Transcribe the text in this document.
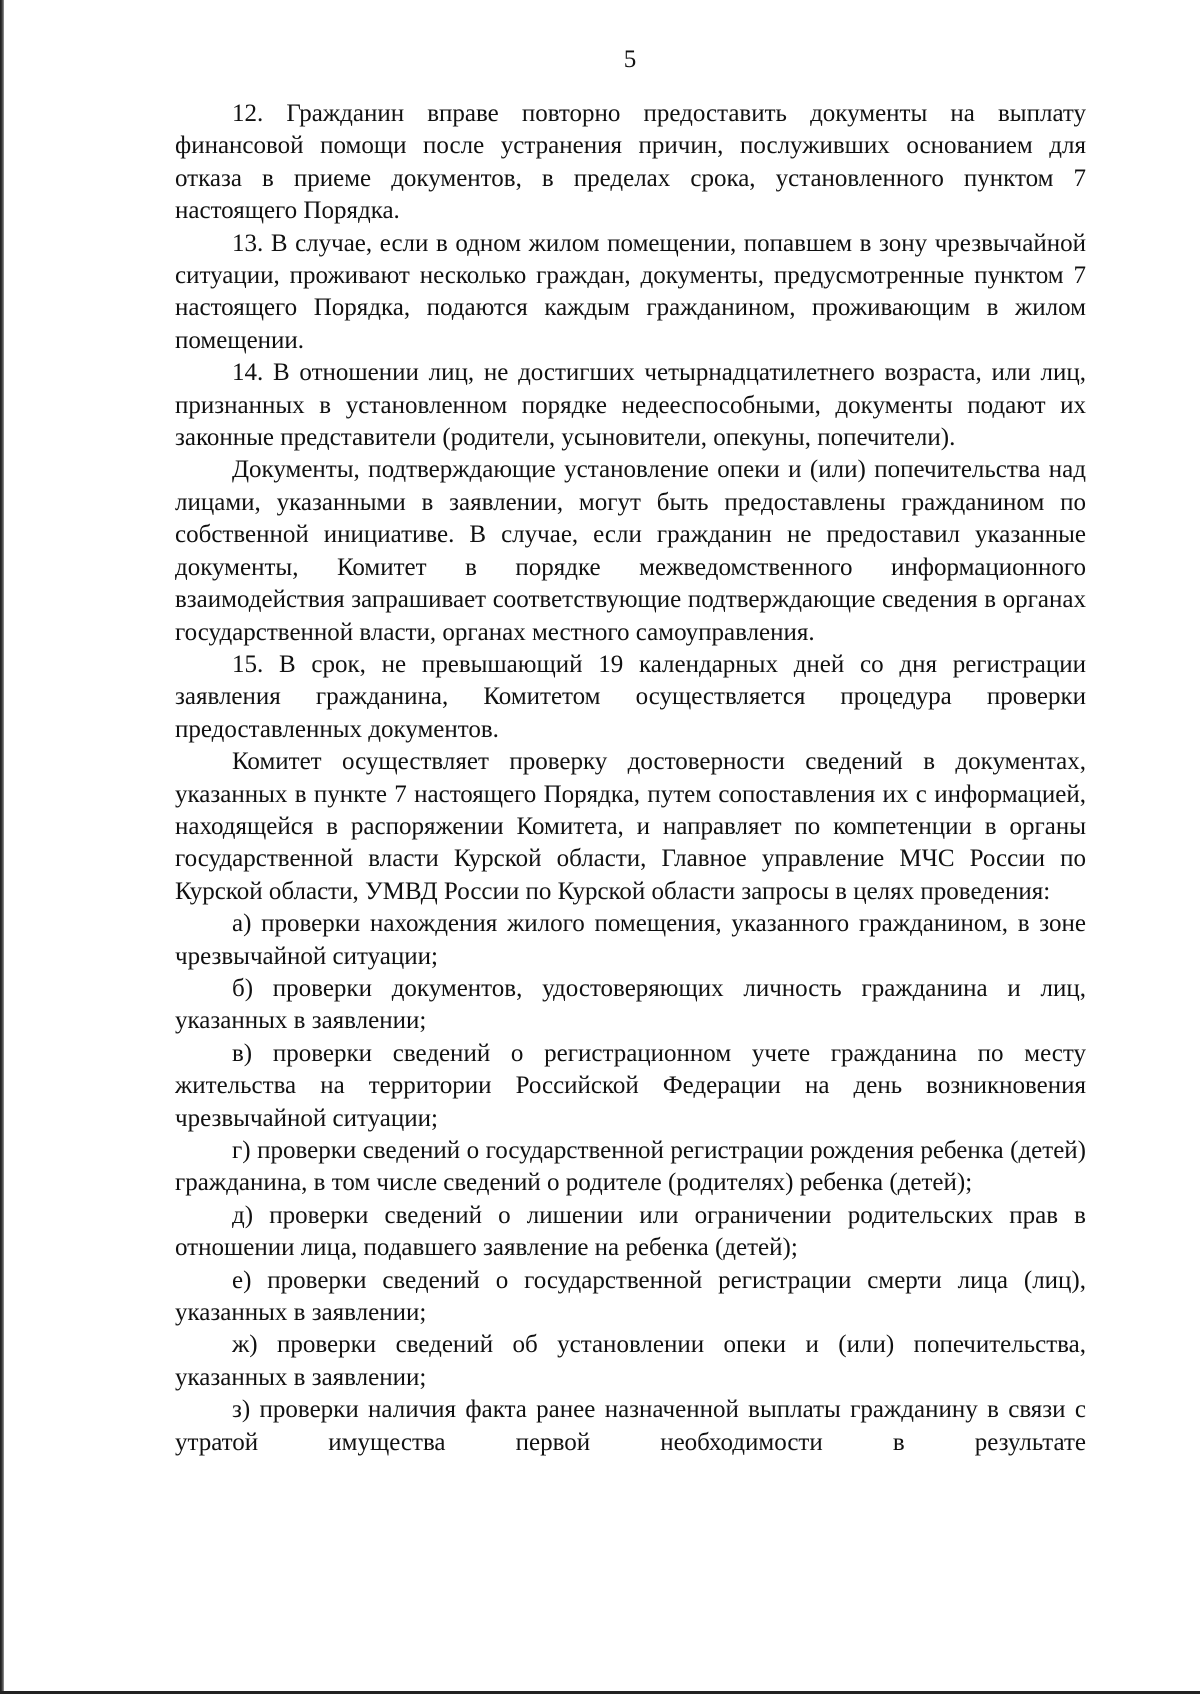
5

12. Гражданин вправе повторно предоставить документы на выплату финансовой помощи после устранения причин, послуживших основанием для отказа в приеме документов, в пределах срока, установленного пунктом 7 настоящего Порядка.

13. В случае, если в одном жилом помещении, попавшем в зону чрезвычайной ситуации, проживают несколько граждан, документы, предусмотренные пунктом 7 настоящего Порядка, подаются каждым гражданином, проживающим в жилом помещении.

14. В отношении лиц, не достигших четырнадцатилетнего возраста, или лиц, признанных в установленном порядке недееспособными, документы подают их законные представители (родители, усыновители, опекуны, попечители).

Документы, подтверждающие установление опеки и (или) попечительства над лицами, указанными в заявлении, могут быть предоставлены гражданином по собственной инициативе. В случае, если гражданин не предоставил указанные документы, Комитет в порядке межведомственного информационного взаимодействия запрашивает соответствующие подтверждающие сведения в органах государственной власти, органах местного самоуправления.

15. В срок, не превышающий 19 календарных дней со дня регистрации заявления гражданина, Комитетом осуществляется процедура проверки предоставленных документов.

Комитет осуществляет проверку достоверности сведений в документах, указанных в пункте 7 настоящего Порядка, путем сопоставления их с информацией, находящейся в распоряжении Комитета, и направляет по компетенции в органы государственной власти Курской области, Главное управление МЧС России по Курской области, УМВД России по Курской области запросы в целях проведения:

а) проверки нахождения жилого помещения, указанного гражданином, в зоне чрезвычайной ситуации;

б) проверки документов, удостоверяющих личность гражданина и лиц, указанных в заявлении;

в) проверки сведений о регистрационном учете гражданина по месту жительства на территории Российской Федерации на день возникновения чрезвычайной ситуации;

г) проверки сведений о государственной регистрации рождения ребенка (детей) гражданина, в том числе сведений о родителе (родителях) ребенка (детей);

д) проверки сведений о лишении или ограничении родительских прав в отношении лица, подавшего заявление на ребенка (детей);

е) проверки сведений о государственной регистрации смерти лица (лиц), указанных в заявлении;

ж) проверки сведений об установлении опеки и (или) попечительства, указанных в заявлении;

з) проверки наличия факта ранее назначенной выплаты гражданину в связи с утратой имущества первой необходимости в результате
